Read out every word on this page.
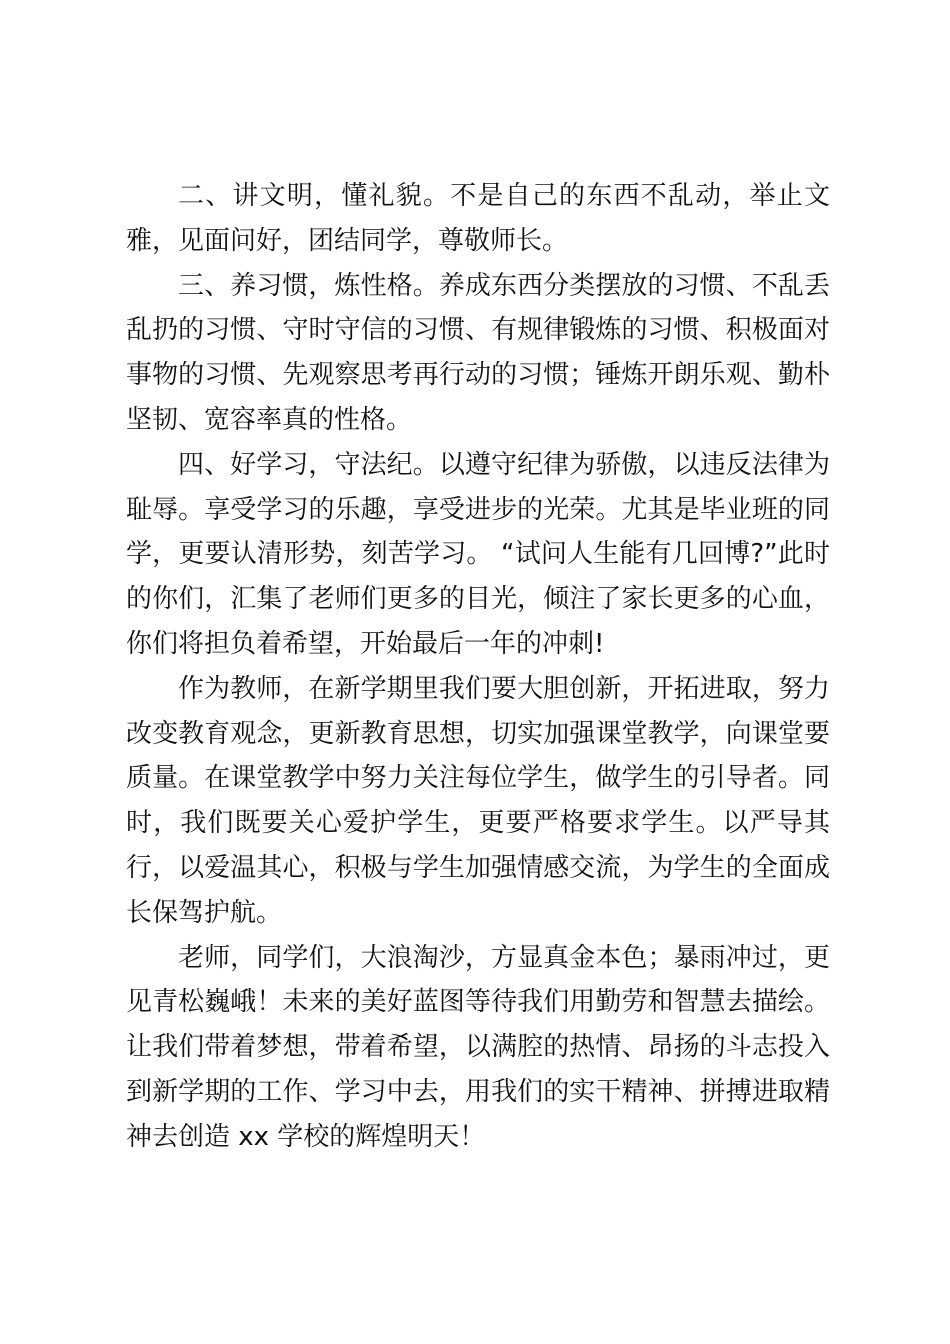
二、讲文明，懂礼貌。不是自己的东西不乱动，举止文雅，见面问好，团结同学，尊敬师长。

三、养习惯，炼性格。养成东西分类摆放的习惯、不乱丢乱扔的习惯、守时守信的习惯、有规律锻炼的习惯、积极面对事物的习惯、先观察思考再行动的习惯；锤炼开朗乐观、勤朴坚韧、宽容率真的性格。

四、好学习，守法纪。以遵守纪律为骄傲，以违反法律为耻辱。享受学习的乐趣，享受进步的光荣。尤其是毕业班的同学，更要认清形势，刻苦学习。 “试问人生能有几回博?”此时的你们，汇集了老师们更多的目光，倾注了家长更多的心血，你们将担负着希望，开始最后一年的冲刺!

作为教师，在新学期里我们要大胆创新，开拓进取，努力改变教育观念，更新教育思想，切实加强课堂教学，向课堂要质量。在课堂教学中努力关注每位学生，做学生的引导者。同时，我们既要关心爱护学生，更要严格要求学生。以严导其行，以爱温其心，积极与学生加强情感交流，为学生的全面成长保驾护航。

老师，同学们，大浪淘沙，方显真金本色；暴雨冲过，更见青松巍峨！未来的美好蓝图等待我们用勤劳和智慧去描绘。让我们带着梦想，带着希望，以满腔的热情、昂扬的斗志投入到新学期的工作、学习中去，用我们的实干精神、拼搏进取精神去创造 xx 学校的辉煌明天！
